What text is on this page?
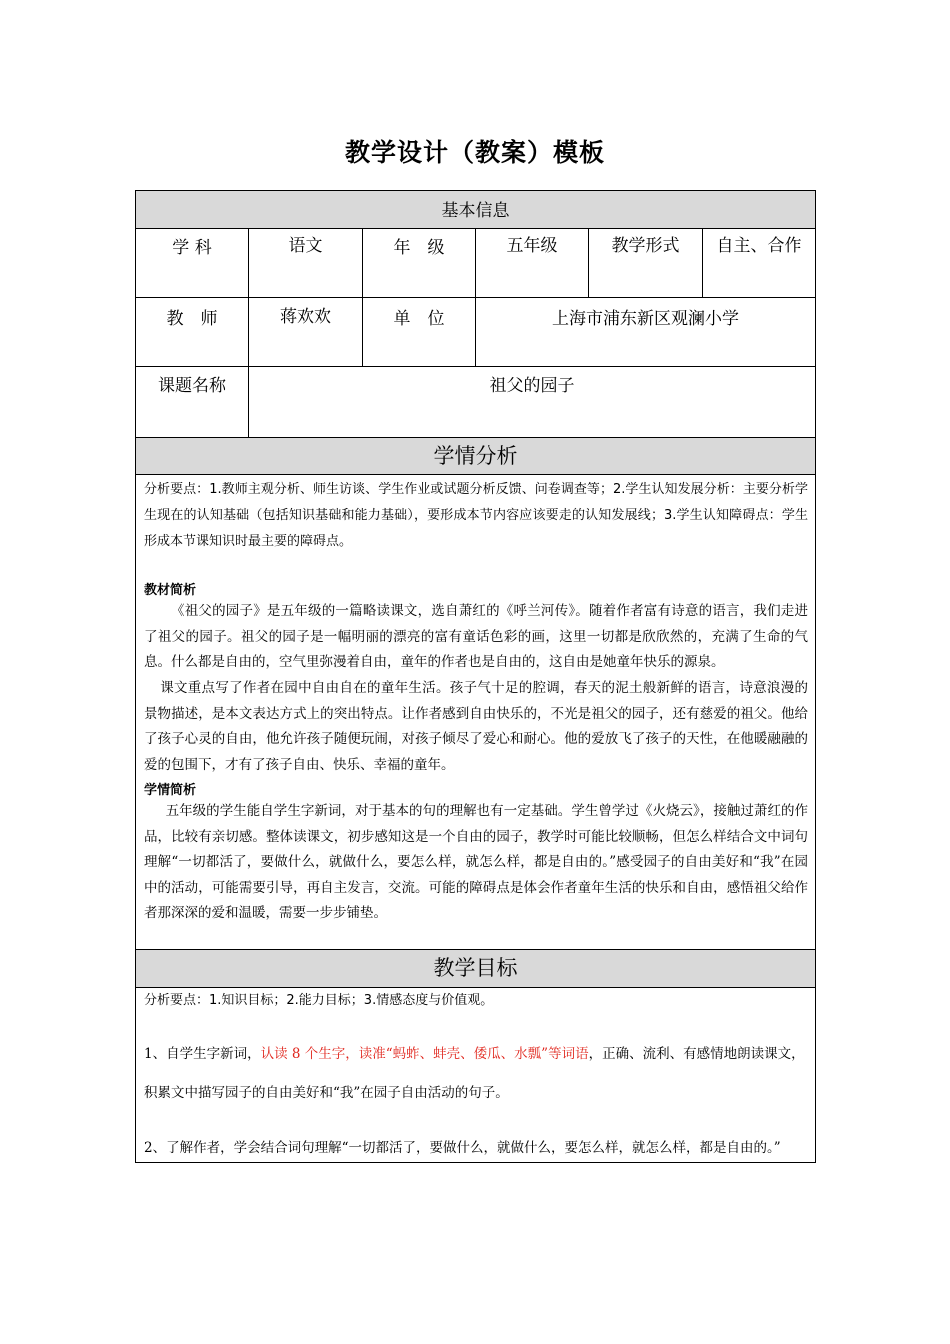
教学设计（教案）模板
基本信息
学 科	语文	年　级	五年级	教学形式	自主、合作
教　师	蒋欢欢	单　位	上海市浦东新区观澜小学
课题名称	祖父的园子
学情分析
分析要点：1.教师主观分析、师生访谈、学生作业或试题分析反馈、问卷调查等；2.学生认知发展分析：主要分析学生现在的认知基础（包括知识基础和能力基础），要形成本节内容应该要走的认知发展线；3.学生认知障碍点：学生形成本节课知识时最主要的障碍点。
教材简析
《祖父的园子》是五年级的一篇略读课文，选自萧红的《呼兰河传》。随着作者富有诗意的语言，我们走进了祖父的园子。祖父的园子是一幅明丽的漂亮的富有童话色彩的画，这里一切都是欣欣然的，充满了生命的气息。什么都是自由的，空气里弥漫着自由，童年的作者也是自由的，这自由是她童年快乐的源泉。
课文重点写了作者在园中自由自在的童年生活。孩子气十足的腔调，春天的泥土般新鲜的语言，诗意浪漫的景物描述，是本文表达方式上的突出特点。让作者感到自由快乐的，不光是祖父的园子，还有慈爱的祖父。他给了孩子心灵的自由，他允许孩子随便玩闹，对孩子倾尽了爱心和耐心。他的爱放飞了孩子的天性，在他暖融融的爱的包围下，才有了孩子自由、快乐、幸福的童年。
学情简析
五年级的学生能自学生字新词，对于基本的句的理解也有一定基础。学生曾学过《火烧云》，接触过萧红的作品，比较有亲切感。整体读课文，初步感知这是一个自由的园子，教学时可能比较顺畅，但怎么样结合文中词句理解“一切都活了，要做什么，就做什么，要怎么样，就怎么样，都是自由的。”感受园子的自由美好和“我”在园中的活动，可能需要引导，再自主发言，交流。可能的障碍点是体会作者童年生活的快乐和自由，感悟祖父给作者那深深的爱和温暖，需要一步步铺垫。
教学目标
分析要点：1.知识目标；2.能力目标；3.情感态度与价值观。
1、自学生字新词，认读 8 个生字，读准“蚂蚱、蚌壳、倭瓜、水瓢”等词语，正确、流利、有感情地朗读课文，
积累文中描写园子的自由美好和“我”在园子自由活动的句子。
2、了解作者，学会结合词句理解“一切都活了，要做什么，就做什么，要怎么样，就怎么样，都是自由的。”
